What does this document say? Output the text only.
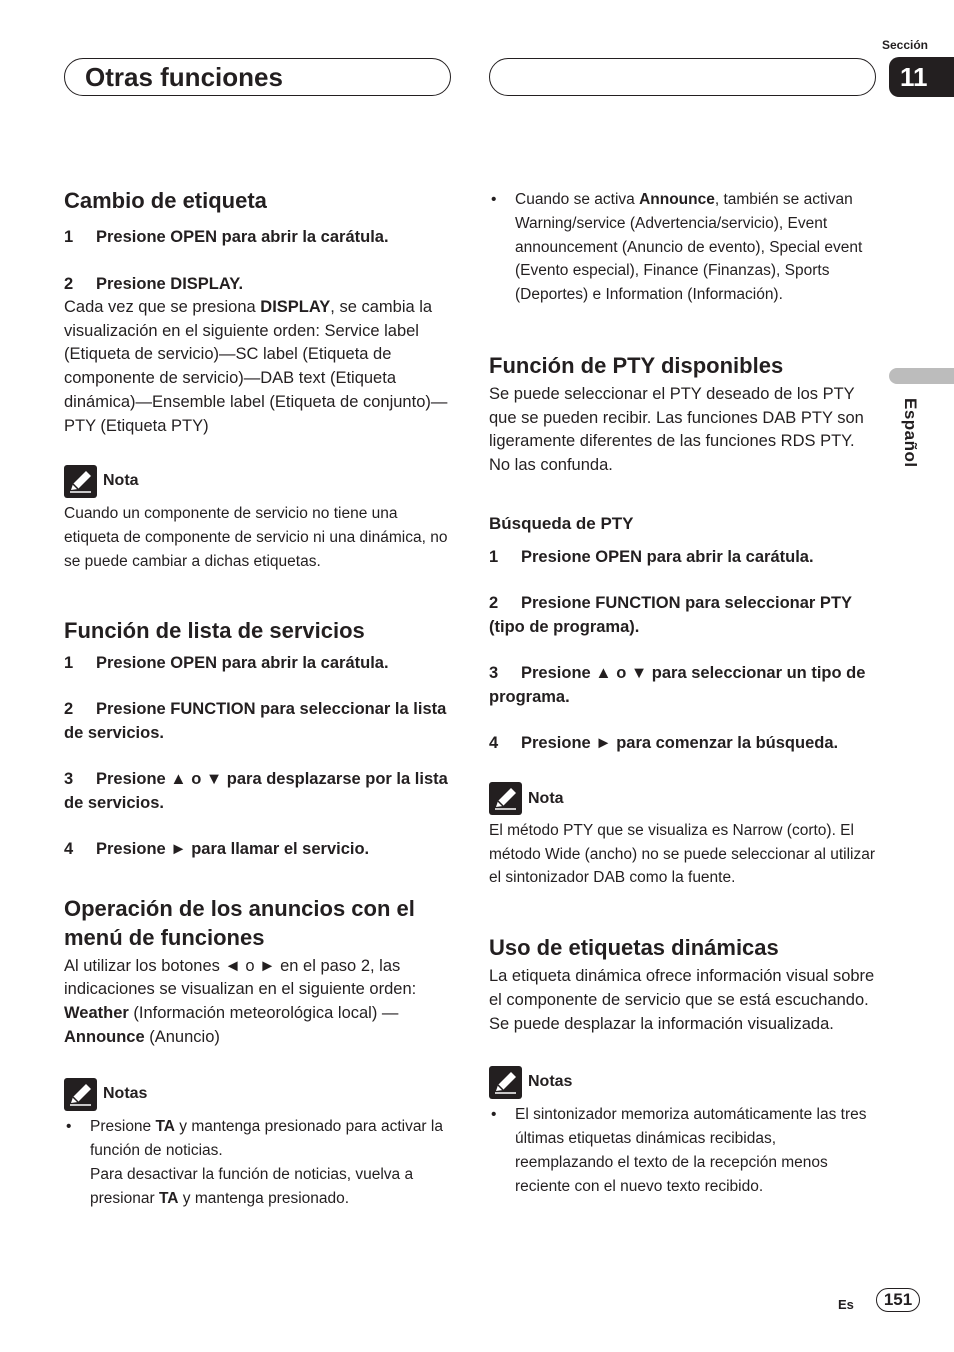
Otras funciones
Sección
11
Español
Cambio de etiqueta

1 Presione OPEN para abrir la carátula.

2 Presione DISPLAY.

Cada vez que se presiona DISPLAY, se cambia la visualización en el siguiente orden: Service label (Etiqueta de servicio)—SC label (Etiqueta de componente de servicio)—DAB text (Etiqueta dinámica)—Ensemble label (Etiqueta de conjunto)—PTY (Etiqueta PTY)

Nota

Cuando un componente de servicio no tiene una etiqueta de componente de servicio ni una dinámica, no se puede cambiar a dichas etiquetas.

Función de lista de servicios

1 Presione OPEN para abrir la carátula.

2 Presione FUNCTION para seleccionar la lista de servicios.

3 Presione ▲ o ▼ para desplazarse por la lista de servicios.

4 Presione ► para llamar el servicio.

Operación de los anuncios con el menú de funciones

Al utilizar los botones ◄ o ► en el paso 2, las indicaciones se visualizan en el siguiente orden:

Weather (Información meteorológica local) —Announce (Anuncio)

Notas
• Presione TA y mantenga presionado para activar la función de noticias.
Para desactivar la función de noticias, vuelva a presionar TA y mantenga presionado.
• Cuando se activa Announce, también se activan Warning/service (Advertencia/servicio), Event announcement (Anuncio de evento), Special event (Evento especial), Finance (Finanzas), Sports (Deportes) e Information (Información).
Función de PTY disponibles

Se puede seleccionar el PTY deseado de los PTY que se pueden recibir. Las funciones DAB PTY son ligeramente diferentes de las funciones RDS PTY. No las confunda.

Búsqueda de PTY

1 Presione OPEN para abrir la carátula.

2 Presione FUNCTION para seleccionar PTY (tipo de programa).

3 Presione ▲ o ▼ para seleccionar un tipo de programa.

4 Presione ► para comenzar la búsqueda.

Nota

El método PTY que se visualiza es Narrow (corto). El método Wide (ancho) no se puede seleccionar al utilizar el sintonizador DAB como la fuente.

Uso de etiquetas dinámicas

La etiqueta dinámica ofrece información visual sobre el componente de servicio que se está escuchando. Se puede desplazar la información visualizada.

Notas
• El sintonizador memoriza automáticamente las tres últimas etiquetas dinámicas recibidas, reemplazando el texto de la recepción menos reciente con el nuevo texto recibido.
Es	151
